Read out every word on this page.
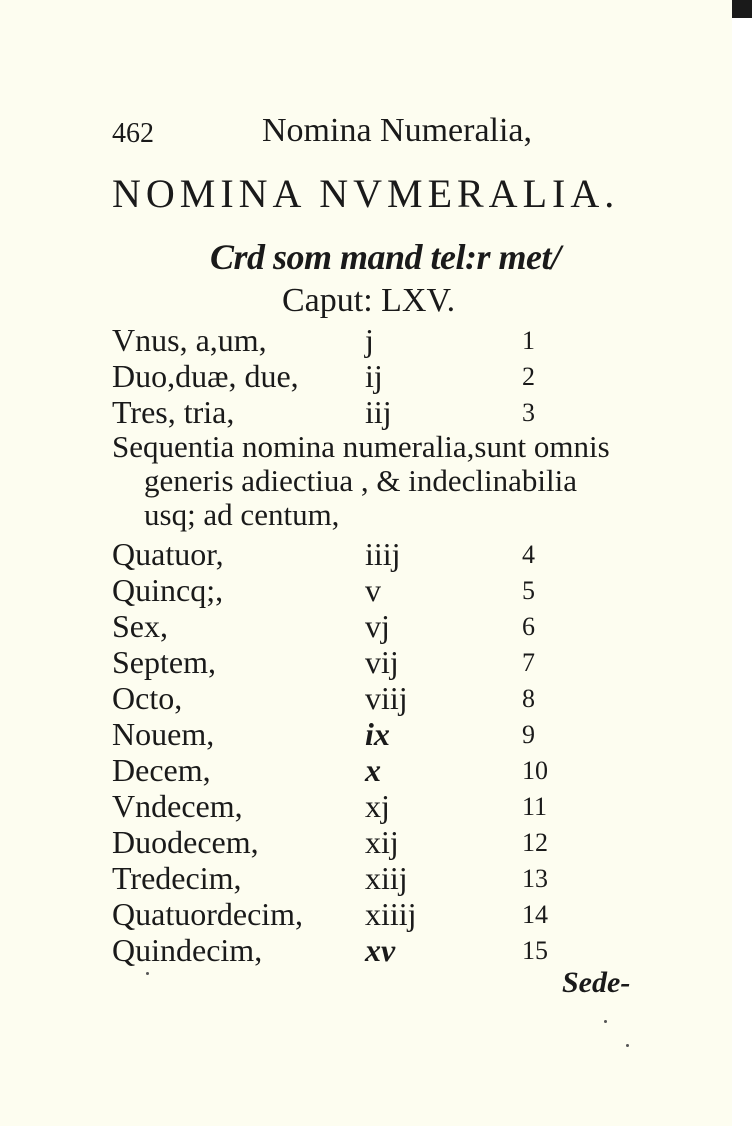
462	Nomina Numeralia,
NOMINA NVMERALIA.
Crd som mand tel:r met/
Caput: LXV.
Vnus, a,um,	j	1
Duo,duæ, due, ij	2
Tres, tria,	iij	3
Sequentia nomina numeralia,sunt omnis
generis adiectiua , & indeclinabilia
usq; ad centum,
Quatuor,	iiij	4
Quincq;,	v	5
Sex,	vj	6
Septem,	vij	7
Octo,	viij	8
Nouem,	ix	9
Decem,	x	10
Vndecem,	xj	11
Duodecem,	xij	12
Tredecim,	xiij	13
Quatuordecim, xiiij	14
Quindecim,	xv	15
Sede-
